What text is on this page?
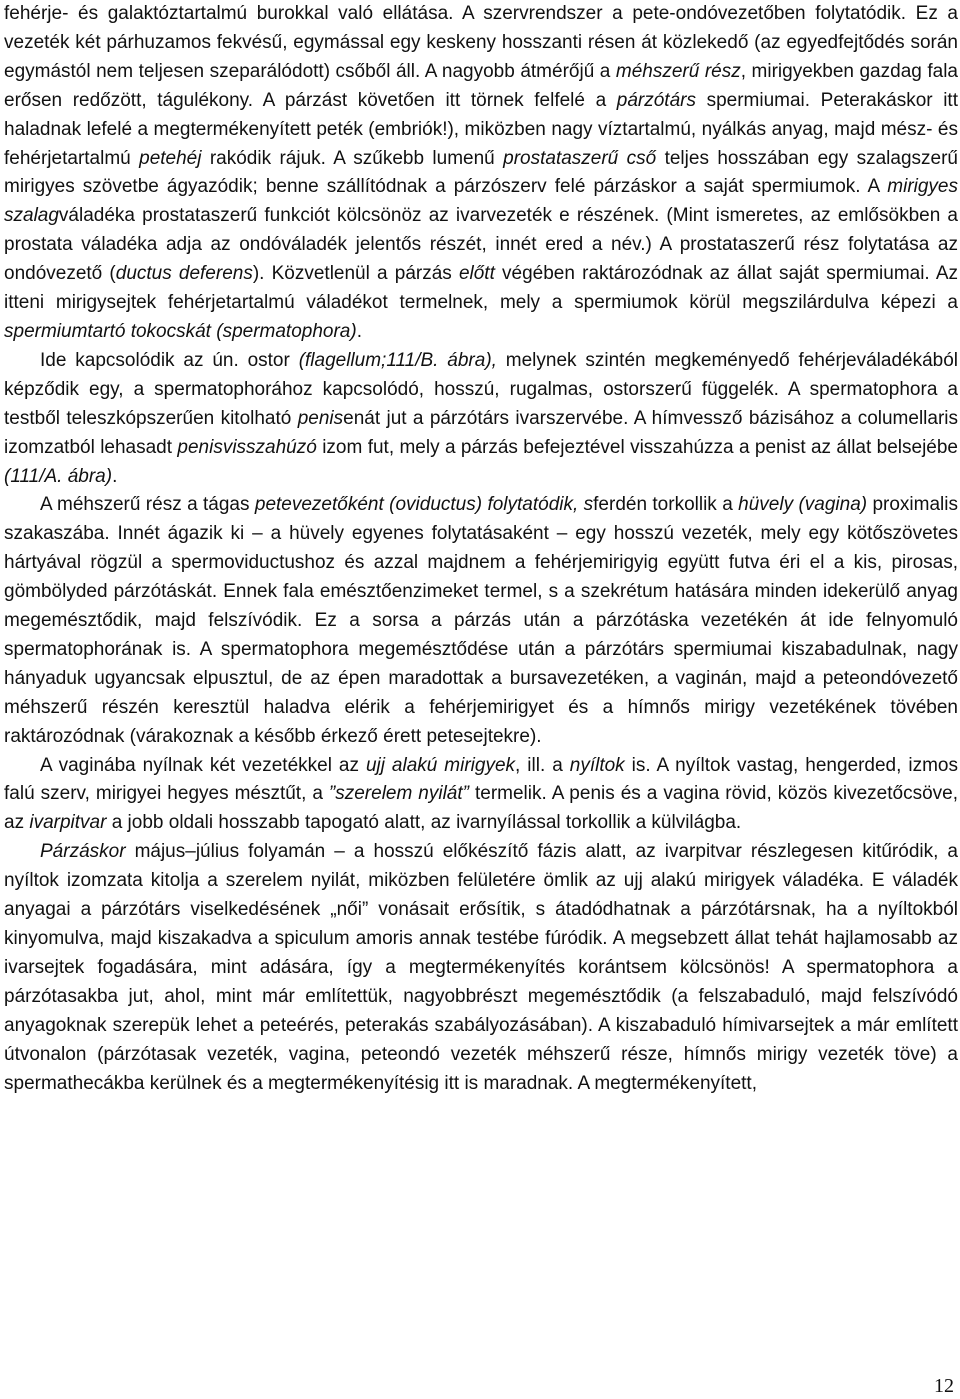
fehérje- és galaktóztartalmú burokkal való ellátása. A szervrendszer a pete-ondóvezetőben folytatódik. Ez a vezeték két párhuzamos fekvésű, egymással egy keskeny hosszanti résen át közlekedő (az egyedfejtődés során egymástól nem teljesen szeparálódott) csőből áll. A nagyobb átmérőjű a méhszerű rész, mirigyekben gazdag fala erősen redőzött, tágulékony. A párzást követően itt törnek felfelé a párzótárs spermiumai. Peterakáskor itt haladnak lefelé a megtermékenyített peték (embriók!), miközben nagy víztartalmú, nyálkás anyag, majd mész- és fehérjetartalmú petehéj rakódik rájuk. A szűkebb lumenű prostataszerű cső teljes hosszában egy szalagszerű mirigyes szövetbe ágyazódik; benne szállítódnak a párzószerv felé párzáskor a saját spermiumok. A mirigyes szalagváladéka prostataszerű funkciót kölcsönöz az ivarvezeték e részének. (Mint ismeretes, az emlősökben a prostata váladéka adja az ondóváladék jelentős részét, innét ered a név.) A prostataszerű rész folytatása az ondóvezető (ductus deferens). Közvetlenül a párzás előtt végében raktározódnak az állat saját spermiumai. Az itteni mirigysejtek fehérjetartalmú váladékot termelnek, mely a spermiumok körül megszilárdulva képezi a spermiumtartó tokocskát (spermatophora).

Ide kapcsolódik az ún. ostor (flagellum;111/B. ábra), melynek szintén megkeményedő fehérjeváladékából képződik egy, a spermatophorához kapcsolódó, hosszú, rugalmas, ostorszerű függelék. A spermatophora a testből teleszkópszerűen kitolható penisenát jut a párzótárs ivarszervébe. A hímvessző bázisához a columellaris izomzatból lehasadt penisvisszahúzó izom fut, mely a párzás befejeztével visszahúzza a penist az állat belsejébe (111/A. ábra).

A méhszerű rész a tágas petevezetőként (oviductus) folytatódik, sferdén torkollik a hüvely (vagina) proximalis szakaszába. Innét ágazik ki – a hüvely egyenes folytatásaként – egy hosszú vezeték, mely egy kötőszövetes hártyával rögzül a spermoviductushoz és azzal majdnem a fehérjemirigyig együtt futva éri el a kis, pirosas, gömbölyded párzótáskát. Ennek fala emésztőenzimeket termel, s a szekrétum hatására minden idekerülő anyag megemésztődik, majd felszívódik. Ez a sorsa a párzás után a párzótáska vezetékén át ide felnyomuló spermatophorának is. A spermatophora megemésztődése után a párzótárs spermiumai kiszabadulnak, nagy hányaduk ugyancsak elpusztul, de az épen maradottak a bursavezetéken, a vaginán, majd a peteondóvezető méhszerű részén keresztül haladva elérik a fehérjemirigyet és a hímnős mirigy vezetékének tövében raktározódnak (várakoznak a később érkező érett petesejtekre).

A vaginába nyílnak két vezetékkel az ujj alakú mirigyek, ill. a nyíltok is. A nyíltok vastag, hengerded, izmos falú szerv, mirigyei hegyes mésztűt, a ”szerelem nyilát” termelik. A penis és a vagina rövid, közös kivezetőcsöve, az ivarpitvar a jobb oldali hosszabb tapogató alatt, az ivarnyílással torkollik a külvilágba.

Párzáskor május–július folyamán – a hosszú előkészítő fázis alatt, az ivarpitvar részlegesen kitűródik, a nyíltok izomzata kitolja a szerelem nyilát, miközben felületére ömlik az ujj alakú mirigyek váladéka. E váladék anyagai a párzótárs viselkedésének „női” vonásait erősítik, s átadódhatnak a párzótársnak, ha a nyíltokból kinyomulva, majd kiszakadva a spiculum amoris annak testébe fúródik. A megsebzett állat tehát hajlamosabb az ivarsejtek fogadására, mint adására, így a megtermékenyítés korántsem kölcsönös! A spermatophora a párzótasakba jut, ahol, mint már említettük, nagyobbrészt megemésztődik (a felszabaduló, majd felszívódó anyagoknak szerepük lehet a peteérés, peterakás szabályozásában). A kiszabaduló hímivarsejtek a már említett útvonalon (párzótasak vezeték, vagina, peteondó vezeték méhszerű része, hímnős mirigy vezeték töve) a spermathecákba kerülnek és a megtermékenyítésig itt is maradnak. A megtermékenyített,

12
